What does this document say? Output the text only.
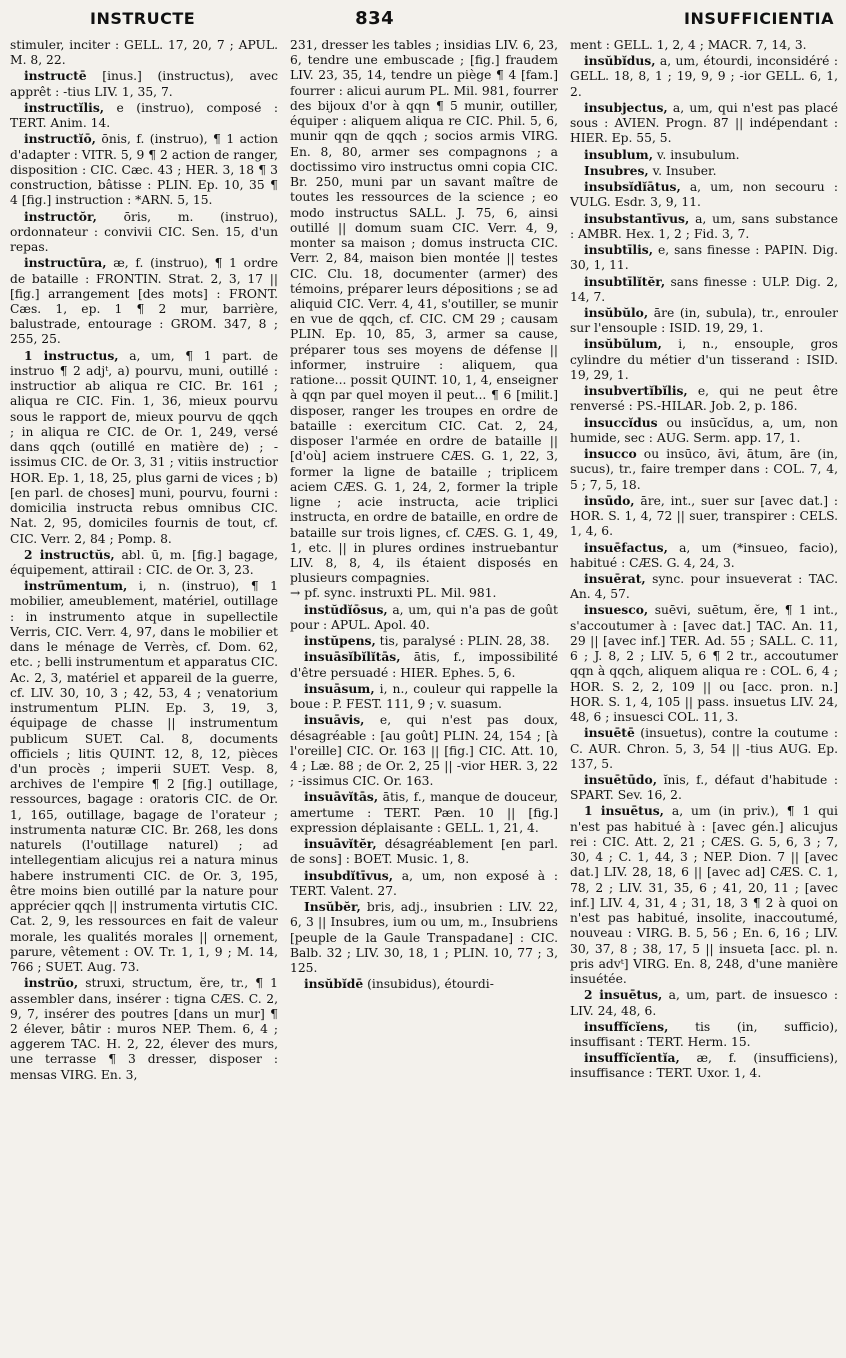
INSTRUCTE	834	INSUFFICIENTIA

stimuler, inciter : GELL. 17, 20, 7 ; APUL. M. 8, 22.

instructē [inus.] (instructus), avec apprêt : -tius LIV. 1, 35, 7.

instructĭlis, e (instruo), composé : TERT. Anim. 14.

instructĭō, ōnis, f. (instruo), ¶ 1 action d'adapter : VITR. 5, 9 ¶ 2 action de ranger, disposition : CIC. Cæc. 43 ; HER. 3, 18 ¶ 3 construction, bâtisse : PLIN. Ep. 10, 35 ¶ 4 [fig.] instruction : *ARN. 5, 15.

instructŏr, ōris, m. (instruo), ordonnateur : convivii CIC. Sen. 15, d'un repas.

instructūra, æ, f. (instruo), ¶ 1 ordre de bataille : FRONTIN. Strat. 2, 3, 17 || [fig.] arrangement [des mots] : FRONT. Cæs. 1, ep. 1 ¶ 2 mur, barrière, balustrade, entourage : GROM. 347, 8 ; 255, 25.

1 instructus, a, um, ¶ 1 part. de instruo ¶ 2 adjᵗ, a) pourvu, muni, outillé : instructior ab aliqua re CIC. Br. 161 ; aliqua re CIC. Fin. 1, 36, mieux pourvu sous le rapport de, mieux pourvu de qqch ; in aliqua re CIC. de Or. 1, 249, versé dans qqch (outillé en matière de) ; -issimus CIC. de Or. 3, 31 ; vitiis instructior HOR. Ep. 1, 18, 25, plus garni de vices ; b) [en parl. de choses] muni, pourvu, fourni : domicilia instructa rebus omnibus CIC. Nat. 2, 95, domiciles fournis de tout, cf. CIC. Verr. 2, 84 ; Pomp. 8.

2 instructŭs, abl. ū, m. [fig.] bagage, équipement, attirail : CIC. de Or. 3, 23.

instrūmentum, i, n. (instruo), ¶ 1 mobilier, ameublement, matériel, outillage : in instrumento atque in supellectile Verris, CIC. Verr. 4, 97, dans le mobilier et dans le ménage de Verrès, cf. Dom. 62, etc. ; belli instrumentum et apparatus CIC. Ac. 2, 3, matériel et appareil de la guerre, cf. LIV. 30, 10, 3 ; 42, 53, 4 ; venatorium instrumentum PLIN. Ep. 3, 19, 3, équipage de chasse || instrumentum publicum SUET. Cal. 8, documents officiels ; litis QUINT. 12, 8, 12, pièces d'un procès ; imperii SUET. Vesp. 8, archives de l'empire ¶ 2 [fig.] outillage, ressources, bagage : oratoris CIC. de Or. 1, 165, outillage, bagage de l'orateur ; instrumenta naturæ CIC. Br. 268, les dons naturels (l'outillage naturel) ; ad intellegentiam alicujus rei a natura minus habere instrumenti CIC. de Or. 3, 195, être moins bien outillé par la nature pour apprécier qqch || instrumenta virtutis CIC. Cat. 2, 9, les ressources en fait de valeur morale, les qualités morales || ornement, parure, vêtement : OV. Tr. 1, 1, 9 ; M. 14, 766 ; SUET. Aug. 73.

instrŭo, struxi, structum, ĕre, tr., ¶ 1 assembler dans, insérer : tigna CÆS. C. 2, 9, 7, insérer des poutres [dans un mur] ¶ 2 élever, bâtir : muros NEP. Them. 6, 4 ; aggerem TAC. H. 2, 22, élever des murs, une terrasse ¶ 3 dresser, disposer : mensas VIRG. En. 3,

231, dresser les tables ; insidias LIV. 6, 23, 6, tendre une embuscade ; [fig.] fraudem LIV. 23, 35, 14, tendre un piège ¶ 4 [fam.] fourrer : alicui aurum PL. Mil. 981, fourrer des bijoux d'or à qqn ¶ 5 munir, outiller, équiper : aliquem aliqua re CIC. Phil. 5, 6, munir qqn de qqch ; socios armis VIRG. En. 8, 80, armer ses compagnons ; a doctissimo viro instructus omni copia CIC. Br. 250, muni par un savant maître de toutes les ressources de la science ; eo modo instructus SALL. J. 75, 6, ainsi outillé || domum suam CIC. Verr. 4, 9, monter sa maison ; domus instructa CIC. Verr. 2, 84, maison bien montée || testes CIC. Clu. 18, documenter (armer) des témoins, préparer leurs dépositions ; se ad aliquid CIC. Verr. 4, 41, s'outiller, se munir en vue de qqch, cf. CIC. CM 29 ; causam PLIN. Ep. 10, 85, 3, armer sa cause, préparer tous ses moyens de défense || informer, instruire : aliquem, qua ratione... possit QUINT. 10, 1, 4, enseigner à qqn par quel moyen il peut... ¶ 6 [milit.] disposer, ranger les troupes en ordre de bataille : exercitum CIC. Cat. 2, 24, disposer l'armée en ordre de bataille || [d'où] aciem instruere CÆS. G. 1, 22, 3, former la ligne de bataille ; triplicem aciem CÆS. G. 1, 24, 2, former la triple ligne ; acie instructa, acie triplici instructa, en ordre de bataille, en ordre de bataille sur trois lignes, cf. CÆS. G. 1, 49, 1, etc. || in plures ordines instruebantur LIV. 8, 8, 4, ils étaient disposés en plusieurs compagnies.

→ pf. sync. instruxti PL. Mil. 981.

instŭdĭōsus, a, um, qui n'a pas de goût pour : APUL. Apol. 40.

instŭpens, tis, paralysé : PLIN. 28, 38.

insuāsĭbĭlĭtās, ātis, f., impossibilité d'être persuadé : HIER. Ephes. 5, 6.

insuāsum, i, n., couleur qui rappelle la boue : P. FEST. 111, 9 ; v. suasum.

insuāvis, e, qui n'est pas doux, désagréable : [au goût] PLIN. 24, 154 ; [à l'oreille] CIC. Or. 163 || [fig.] CIC. Att. 10, 4 ; Læ. 88 ; de Or. 2, 25 || -vior HER. 3, 22 ; -issimus CIC. Or. 163.

insuāvĭtās, ātis, f., manque de douceur, amertume : TERT. Pæn. 10 || [fig.] expression déplaisante : GELL. 1, 21, 4.

insuāvĭtĕr, désagréablement [en parl. de sons] : BOET. Music. 1, 8.

insubdĭtīvus, a, um, non exposé à : TERT. Valent. 27.

Insŭbĕr, bris, adj., insubrien : LIV. 22, 6, 3 || Insubres, ium ou um, m., Insubriens [peuple de la Gaule Transpadane] : CIC. Balb. 32 ; LIV. 30, 18, 1 ; PLIN. 10, 77 ; 3, 125.

insŭbĭdē (insubidus), étourdi-

ment : GELL. 1, 2, 4 ; MACR. 7, 14, 3.

insŭbĭdus, a, um, étourdi, inconsidéré : GELL. 18, 8, 1 ; 19, 9, 9 ; -ior GELL. 6, 1, 2.

insubjectus, a, um, qui n'est pas placé sous : AVIEN. Progn. 87 || indépendant : HIER. Ep. 55, 5.

insublum, v. insubulum.

Insubres, v. Insuber.

insubsĭdĭātus, a, um, non secouru : VULG. Esdr. 3, 9, 11.

insubstantīvus, a, um, sans substance : AMBR. Hex. 1, 2 ; Fid. 3, 7.

insubtīlis, e, sans finesse : PAPIN. Dig. 30, 1, 11.

insubtīlĭtĕr, sans finesse : ULP. Dig. 2, 14, 7.

insŭbŭlo, āre (in, subula), tr., enrouler sur l'ensouple : ISID. 19, 29, 1.

insŭbŭlum, i, n., ensouple, gros cylindre du métier d'un tisserand : ISID. 19, 29, 1.

insubvertĭbĭlis, e, qui ne peut être renversé : PS.-HILAR. Job. 2, p. 186.

insuccĭdus ou insūcĭdus, a, um, non humide, sec : AUG. Serm. app. 17, 1.

insucco ou insūco, āvi, ātum, āre (in, sucus), tr., faire tremper dans : COL. 7, 4, 5 ; 7, 5, 18.

insūdo, āre, int., suer sur [avec dat.] : HOR. S. 1, 4, 72 || suer, transpirer : CELS. 1, 4, 6.

insuēfactus, a, um (*insueo, facio), habitué : CÆS. G. 4, 24, 3.

insuērat, sync. pour insueverat : TAC. An. 4, 57.

insuesco, suēvi, suētum, ĕre, ¶ 1 int., s'accoutumer à : [avec dat.] TAC. An. 11, 29 || [avec inf.] TER. Ad. 55 ; SALL. C. 11, 6 ; J. 8, 2 ; LIV. 5, 6 ¶ 2 tr., accoutumer qqn à qqch, aliquem aliqua re : COL. 6, 4 ; HOR. S. 2, 2, 109 || ou [acc. pron. n.] HOR. S. 1, 4, 105 || pass. insuetus LIV. 24, 48, 6 ; insuesci COL. 11, 3.

insuētē (insuetus), contre la coutume : C. AUR. Chron. 5, 3, 54 || -tius AUG. Ep. 137, 5.

insuētūdo, ĭnis, f., défaut d'habitude : SPART. Sev. 16, 2.

1 insuētus, a, um (in priv.), ¶ 1 qui n'est pas habitué à : [avec gén.] alicujus rei : CIC. Att. 2, 21 ; CÆS. G. 5, 6, 3 ; 7, 30, 4 ; C. 1, 44, 3 ; NEP. Dion. 7 || [avec dat.] LIV. 28, 18, 6 || [avec ad] CÆS. C. 1, 78, 2 ; LIV. 31, 35, 6 ; 41, 20, 11 ; [avec inf.] LIV. 4, 31, 4 ; 31, 18, 3 ¶ 2 à quoi on n'est pas habitué, insolite, inaccoutumé, nouveau : VIRG. B. 5, 56 ; En. 6, 16 ; LIV. 30, 37, 8 ; 38, 17, 5 || insueta [acc. pl. n. pris advᵗ] VIRG. En. 8, 248, d'une manière insuétée.

2 insuētus, a, um, part. de insuesco : LIV. 24, 48, 6.

insuffĭcĭens, tis (in, sufficio), insuffisant : TERT. Herm. 15.

insuffĭcĭentĭa, æ, f. (insufficiens), insuffisance : TERT. Uxor. 1, 4.
